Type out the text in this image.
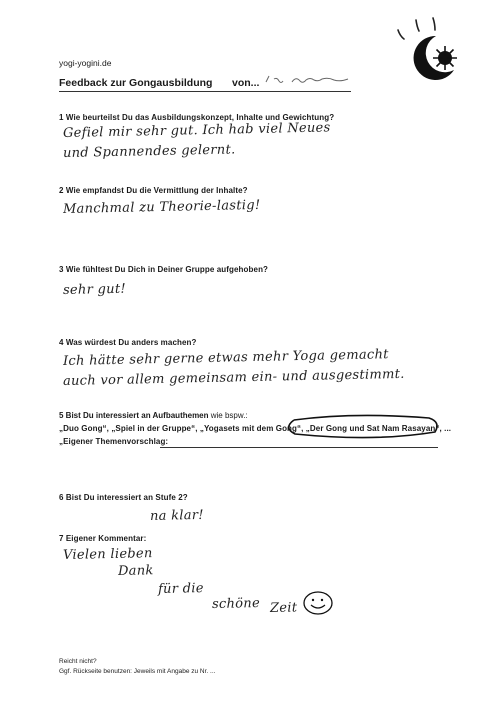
yogi-yogini.de
Feedback zur Gongausbildung von...
1 Wie beurteilst Du das Ausbildungskonzept, Inhalte und Gewichtung?
Gefiel mir sehr gut. Ich hab viel Neues
und Spannendes gelernt.
2 Wie empfandst Du die Vermittlung der Inhalte?
Manchmal zu Theorie-lastig!
3 Wie fühltest Du Dich in Deiner Gruppe aufgehoben?
sehr gut!
4 Was würdest Du anders machen?
Ich hätte sehr gerne etwas mehr Yoga gemacht
auch vor allem gemeinsam ein- und ausgestimmt.
5 Bist Du interessiert an Aufbauthemen wie bspw.:
„Duo Gong“, „Spiel in der Gruppe“, „Yogasets mit dem Gong“, „Der Gong und Sat Nam Rasayan“, ...
„Eigener Themenvorschlag:
6 Bist Du interessiert an Stufe 2?
na klar!
7 Eigener Kommentar:
Vielen lieben
Dank
für die
schöne Zeit
Reicht nicht?
Ggf. Rückseite benutzen: Jeweils mit Angabe zu Nr. ...
